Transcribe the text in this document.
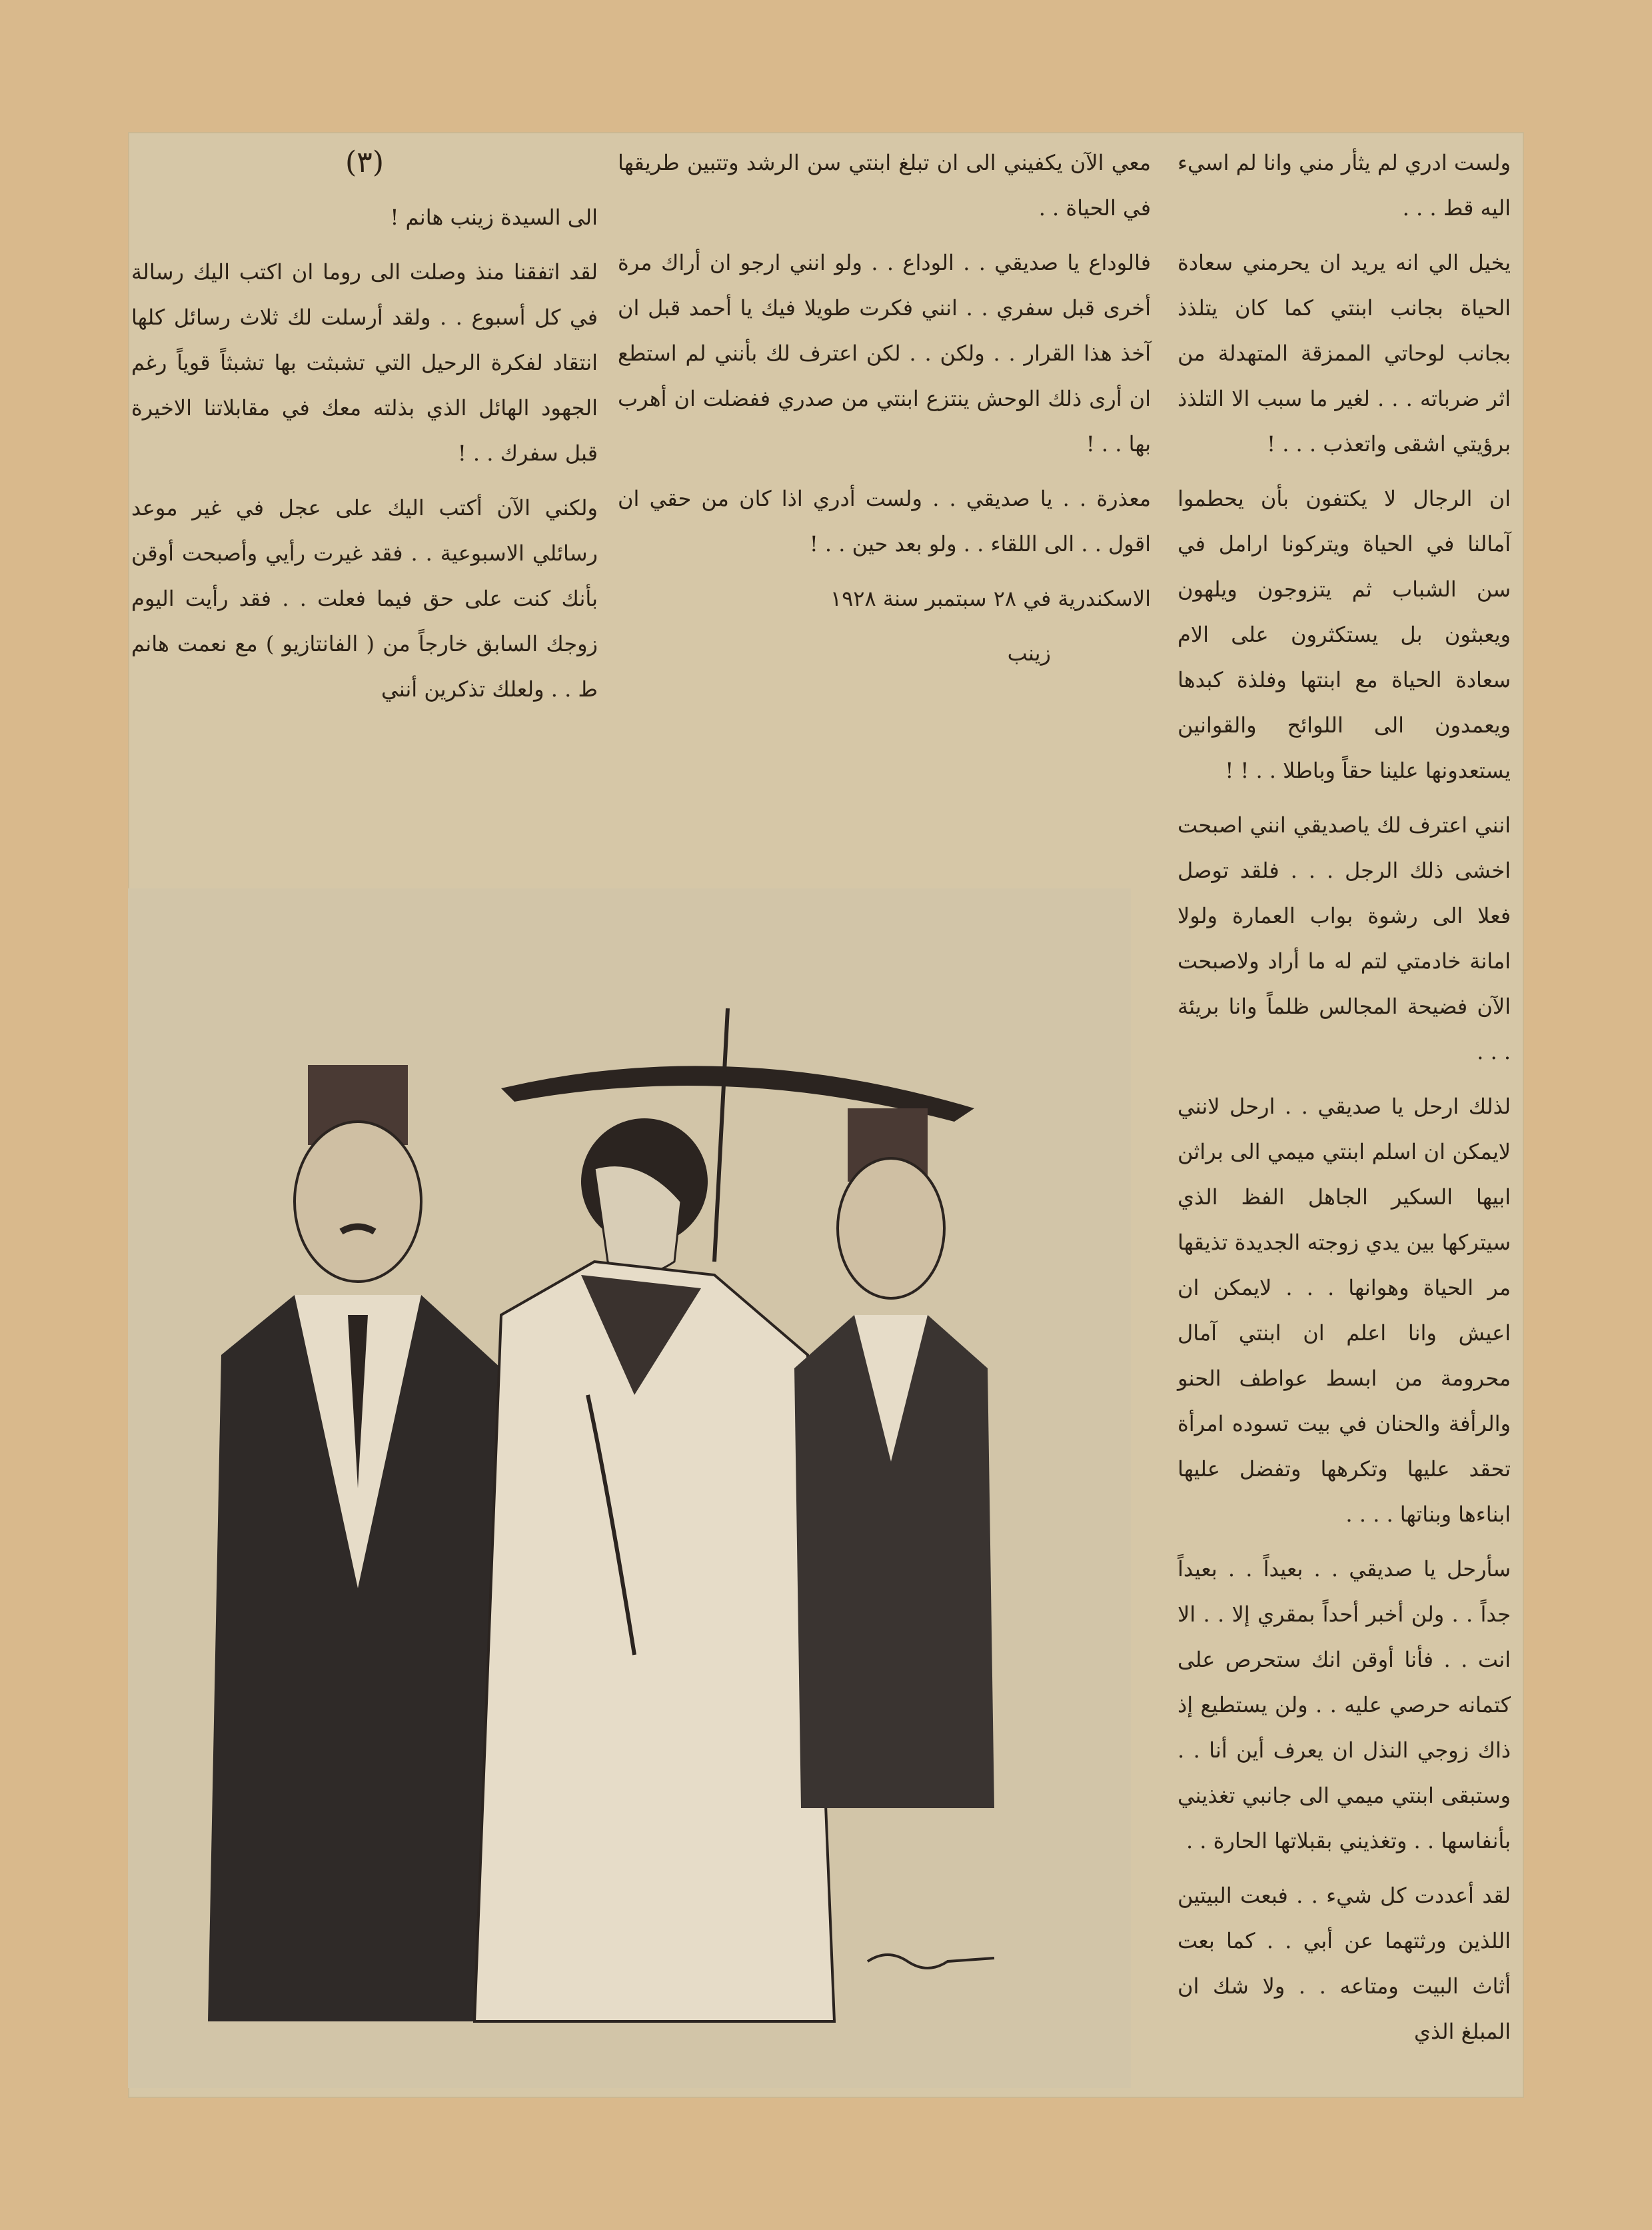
ولست ادري لم يثأر مني وانا لم اسيء اليه قط . . .

يخيل الي انه يريد ان يحرمني سعادة الحياة بجانب ابنتي كما كان يتلذذ بجانب لوحاتي الممزقة المتهدلة من اثر ضرباته . . . لغير ما سبب الا التلذذ برؤيتي اشقى واتعذب . . . !

ان الرجال لا يكتفون بأن يحطموا آمالنا في الحياة ويتركونا ارامل في سن الشباب ثم يتزوجون ويلهون ويعبثون بل يستكثرون على الام سعادة الحياة مع ابنتها وفلذة كبدها ويعمدون الى اللوائح والقوانين يستعدونها علينا حقاً وباطلا . . ! !

انني اعترف لك ياصديقي انني اصبحت اخشى ذلك الرجل . . . فلقد توصل فعلا الى رشوة بواب العمارة ولولا امانة خادمتي لتم له ما أراد ولاصبحت الآن فضيحة المجالس ظلماً وانا بريئة . . .

لذلك ارحل يا صديقي . . ارحل لانني لايمكن ان اسلم ابنتي ميمي الى براثن ابيها السكير الجاهل الفظ الذي سيتركها بين يدي زوجته الجديدة تذيقها مر الحياة وهوانها . . . لايمكن ان اعيش وانا اعلم ان ابنتي آمال محرومة من ابسط عواطف الحنو والرأفة والحنان في بيت تسوده امرأة تحقد عليها وتكرهها وتفضل عليها ابناءها وبناتها . . . .

سأرحل يا صديقي . . بعيداً . . بعيداً جداً . . ولن أخبر أحداً بمقري إلا . . الا انت . . فأنا أوقن انك ستحرص على كتمانه حرصي عليه . . ولن يستطيع إذ ذاك زوجي النذل ان يعرف أين أنا . . وستبقى ابنتي ميمي الى جانبي تغذيني بأنفاسها . . وتغذيني بقبلاتها الحارة . .

لقد أعددت كل شيء . . فبعت البيتين اللذين ورثتهما عن أبي . . كما بعت أثاث البيت ومتاعه . . ولا شك ان المبلغ الذي

معي الآن يكفيني الى ان تبلغ ابنتي سن الرشد وتتبين طريقها في الحياة . .

فالوداع يا صديقي . . الوداع . . ولو انني ارجو ان أراك مرة أخرى قبل سفري . . انني فكرت طويلا فيك يا أحمد قبل ان آخذ هذا القرار . . ولكن . . لكن اعترف لك بأنني لم استطع ان أرى ذلك الوحش ينتزع ابنتي من صدري ففضلت ان أهرب بها . . !

معذرة . . يا صديقي . . ولست أدري اذا كان من حقي ان اقول . . الى اللقاء . . ولو بعد حين . . !

الاسكندرية في ٢٨ سبتمبر سنة ١٩٢٨

زينب

(٣)

الى السيدة زينب هانم !

لقد اتفقنا منذ وصلت الى روما ان اكتب اليك رسالة في كل أسبوع . . ولقد أرسلت لك ثلاث رسائل كلها انتقاد لفكرة الرحيل التي تشبثت بها تشبثاً قوياً رغم الجهود الهائل الذي بذلته معك في مقابلاتنا الاخيرة قبل سفرك . . !

ولكني الآن أكتب اليك على عجل في غير موعد رسائلي الاسبوعية . . فقد غيرت رأيي وأصبحت أوقن بأنك كنت على حق فيما فعلت . . فقد رأيت اليوم زوجك السابق خارجاً من ( الفانتازيو ) مع نعمت هانم ط . . ولعلك تذكرين أنني
